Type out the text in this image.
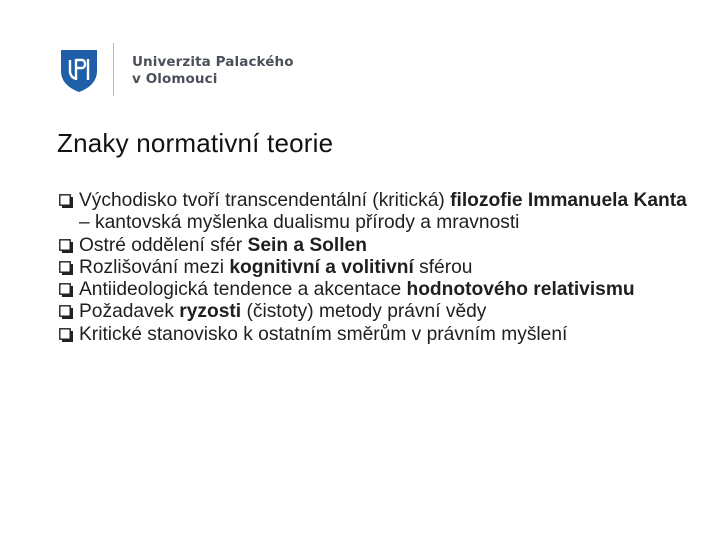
Univerzita Palackého
v Olomouci
Znaky normativní teorie
Východisko tvoří transcendentální (kritická) filozofie Immanuela Kanta – kantovská myšlenka dualismu přírody a mravnosti
Ostré oddělení sfér Sein a Sollen
Rozlišování mezi kognitivní a volitivní sférou
Antiideologická tendence a akcentace hodnotového relativismu
Požadavek ryzosti (čistoty) metody právní vědy
Kritické stanovisko k ostatním směrům v právním myšlení
